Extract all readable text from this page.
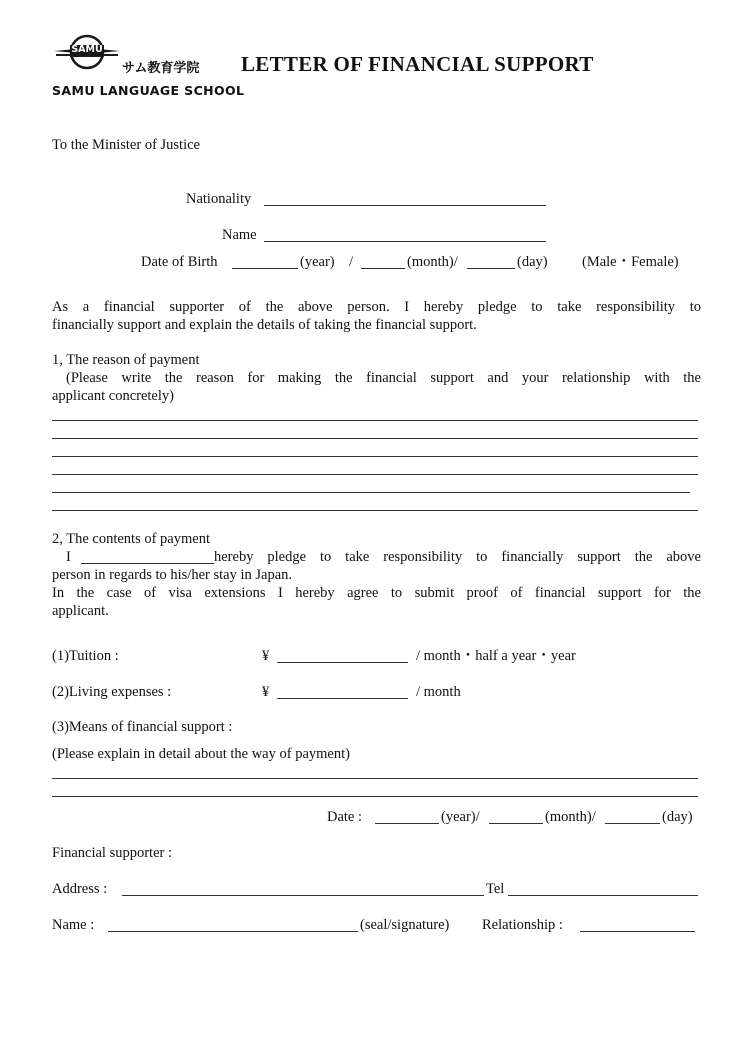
SAMU
サム教育学院 LETTER OF FINANCIAL SUPPORT
SAMU LANGUAGE SCHOOL
To the Minister of Justice
Nationality
Name
Date of Birth	(year) /	(month)/	(day) (Male・Female)
As a financial supporter of the above person. I hereby pledge to take responsibility to
financially support and explain the details of taking the financial support.
1, The reason of payment
(Please write the reason for making the financial support and your relationship with the
applicant concretely)
2, The contents of payment
I	hereby pledge to take responsibility to financially support the above
person in regards to his/her stay in Japan.
In the case of visa extensions I hereby agree to submit proof of financial support for the
applicant.
(1)Tuition :	¥	/ month・half a year・year
(2)Living expenses :	¥	/ month
(3)Means of financial support :
(Please explain in detail about the way of payment)
Date :	(year)/	(month)/	(day)
Financial supporter :
Address :	Tel
Name :	(seal/signature) Relationship :
